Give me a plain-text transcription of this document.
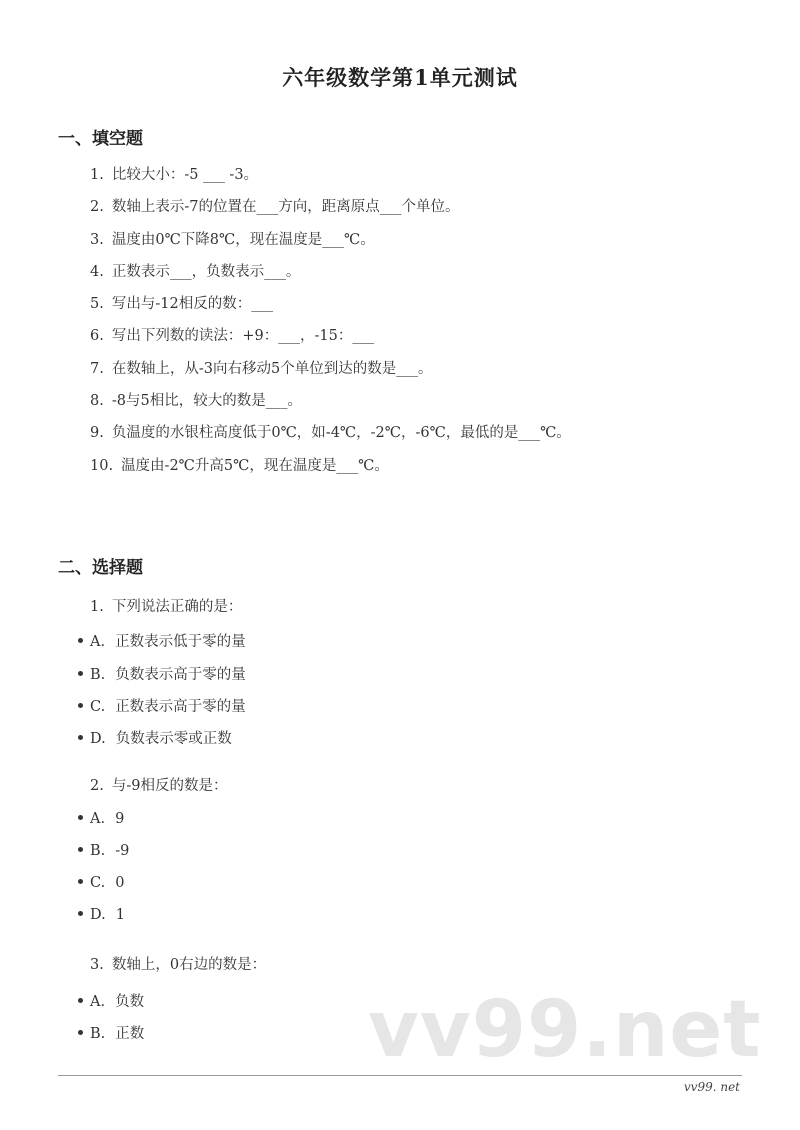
六年级数学第1单元测试
一、填空题
1. 比较大小：-5 ___ -3。
2. 数轴上表示-7的位置在___方向，距离原点___个单位。
3. 温度由0℃下降8℃，现在温度是___℃。
4. 正数表示___，负数表示___。
5. 写出与-12相反的数：___
6. 写出下列数的读法：+9：___，-15：___
7. 在数轴上，从-3向右移动5个单位到达的数是___。
8. -8与5相比，较大的数是___。
9. 负温度的水银柱高度低于0℃，如-4℃，-2℃，-6℃，最低的是___℃。
10. 温度由-2℃升高5℃，现在温度是___℃。
二、选择题
1. 下列说法正确的是：
A. 正数表示低于零的量
B. 负数表示高于零的量
C. 正数表示高于零的量
D. 负数表示零或正数
2. 与-9相反的数是：
A. 9
B. -9
C. 0
D. 1
3. 数轴上，0右边的数是：
A. 负数
B. 正数	vv99.net
vv99. net
